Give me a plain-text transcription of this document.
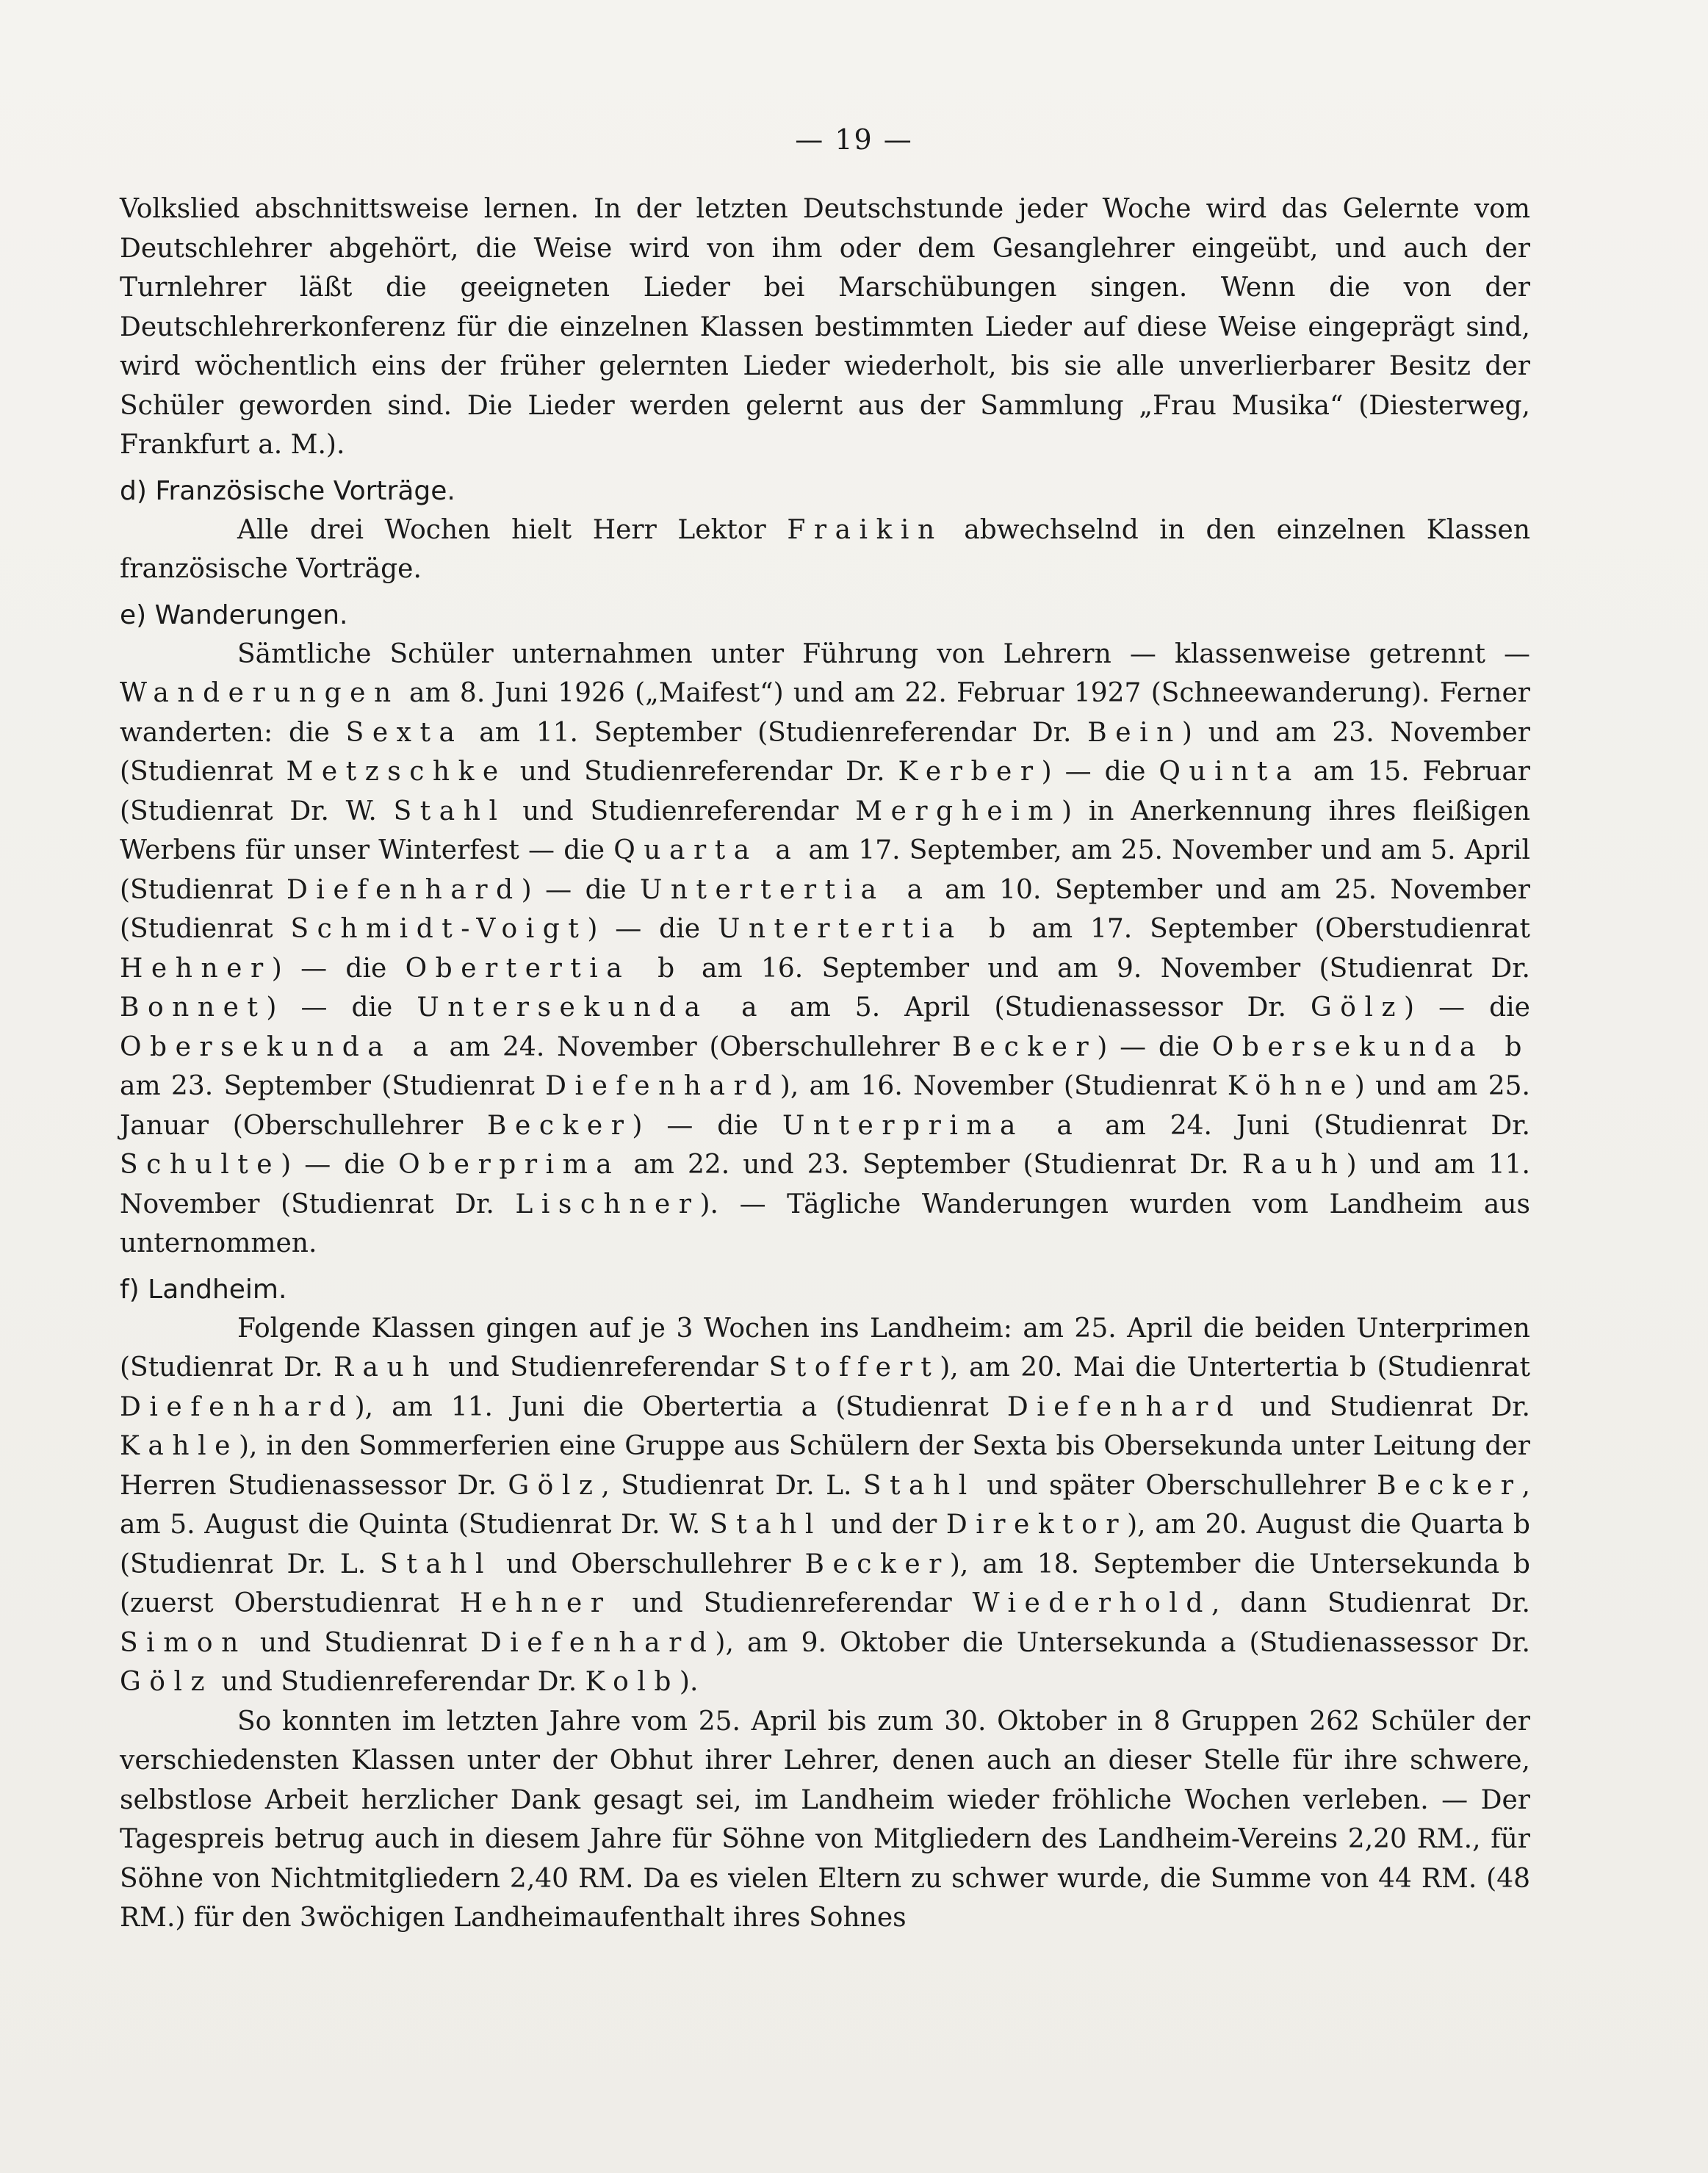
— 19 —

Volkslied abschnittsweise lernen. In der letzten Deutschstunde jeder Woche wird das Gelernte vom Deutschlehrer abgehört, die Weise wird von ihm oder dem Gesanglehrer eingeübt, und auch der Turnlehrer läßt die geeigneten Lieder bei Marschübungen singen. Wenn die von der Deutschlehrerkonferenz für die einzelnen Klassen bestimmten Lieder auf diese Weise eingeprägt sind, wird wöchentlich eins der früher gelernten Lieder wiederholt, bis sie alle unverlierbarer Besitz der Schüler geworden sind. Die Lieder werden gelernt aus der Sammlung „Frau Musika“ (Diesterweg, Frankfurt a. M.).

d) Französische Vorträge.

Alle drei Wochen hielt Herr Lektor Fraikin abwechselnd in den einzelnen Klassen französische Vorträge.

e) Wanderungen.

Sämtliche Schüler unternahmen unter Führung von Lehrern — klassenweise getrennt — Wanderungen am 8. Juni 1926 („Maifest“) und am 22. Februar 1927 (Schneewanderung). Ferner wanderten: die Sexta am 11. September (Studienreferendar Dr. Bein) und am 23. November (Studienrat Metzschke und Studienreferendar Dr. Kerber) — die Quinta am 15. Februar (Studienrat Dr. W. Stahl und Studienreferendar Mergheim) in Anerkennung ihres fleißigen Werbens für unser Winterfest — die Quarta a am 17. September, am 25. November und am 5. April (Studienrat Diefenhard) — die Untertertia a am 10. September und am 25. November (Studienrat Schmidt-Voigt) — die Untertertia b am 17. September (Oberstudienrat Hehner) — die Obertertia b am 16. September und am 9. November (Studienrat Dr. Bonnet) — die Untersekunda a am 5. April (Studienassessor Dr. Gölz) — die Obersekunda a am 24. November (Oberschullehrer Becker) — die Obersekunda b am 23. September (Studienrat Diefenhard), am 16. November (Studienrat Köhne) und am 25. Januar (Oberschullehrer Becker) — die Unterprima a am 24. Juni (Studienrat Dr. Schulte) — die Oberprima am 22. und 23. September (Studienrat Dr. Rauh) und am 11. November (Studienrat Dr. Lischner). — Tägliche Wanderungen wurden vom Landheim aus unternommen.

f) Landheim.

Folgende Klassen gingen auf je 3 Wochen ins Landheim: am 25. April die beiden Unterprimen (Studienrat Dr. Rauh und Studienreferendar Stoffert), am 20. Mai die Untertertia b (Studienrat Diefenhard), am 11. Juni die Obertertia a (Studienrat Diefenhard und Studienrat Dr. Kahle), in den Sommerferien eine Gruppe aus Schülern der Sexta bis Obersekunda unter Leitung der Herren Studienassessor Dr. Gölz, Studienrat Dr. L. Stahl und später Oberschullehrer Becker, am 5. August die Quinta (Studienrat Dr. W. Stahl und der Direktor), am 20. August die Quarta b (Studienrat Dr. L. Stahl und Oberschullehrer Becker), am 18. September die Untersekunda b (zuerst Oberstudienrat Hehner und Studienreferendar Wiederhold, dann Studienrat Dr. Simon und Studienrat Diefenhard), am 9. Oktober die Untersekunda a (Studienassessor Dr. Gölz und Studienreferendar Dr. Kolb).

So konnten im letzten Jahre vom 25. April bis zum 30. Oktober in 8 Gruppen 262 Schüler der verschiedensten Klassen unter der Obhut ihrer Lehrer, denen auch an dieser Stelle für ihre schwere, selbstlose Arbeit herzlicher Dank gesagt sei, im Landheim wieder fröhliche Wochen verleben. — Der Tagespreis betrug auch in diesem Jahre für Söhne von Mitgliedern des Landheim-Vereins 2,20 RM., für Söhne von Nichtmitgliedern 2,40 RM. Da es vielen Eltern zu schwer wurde, die Summe von 44 RM. (48 RM.) für den 3wöchigen Landheimaufenthalt ihres Sohnes
